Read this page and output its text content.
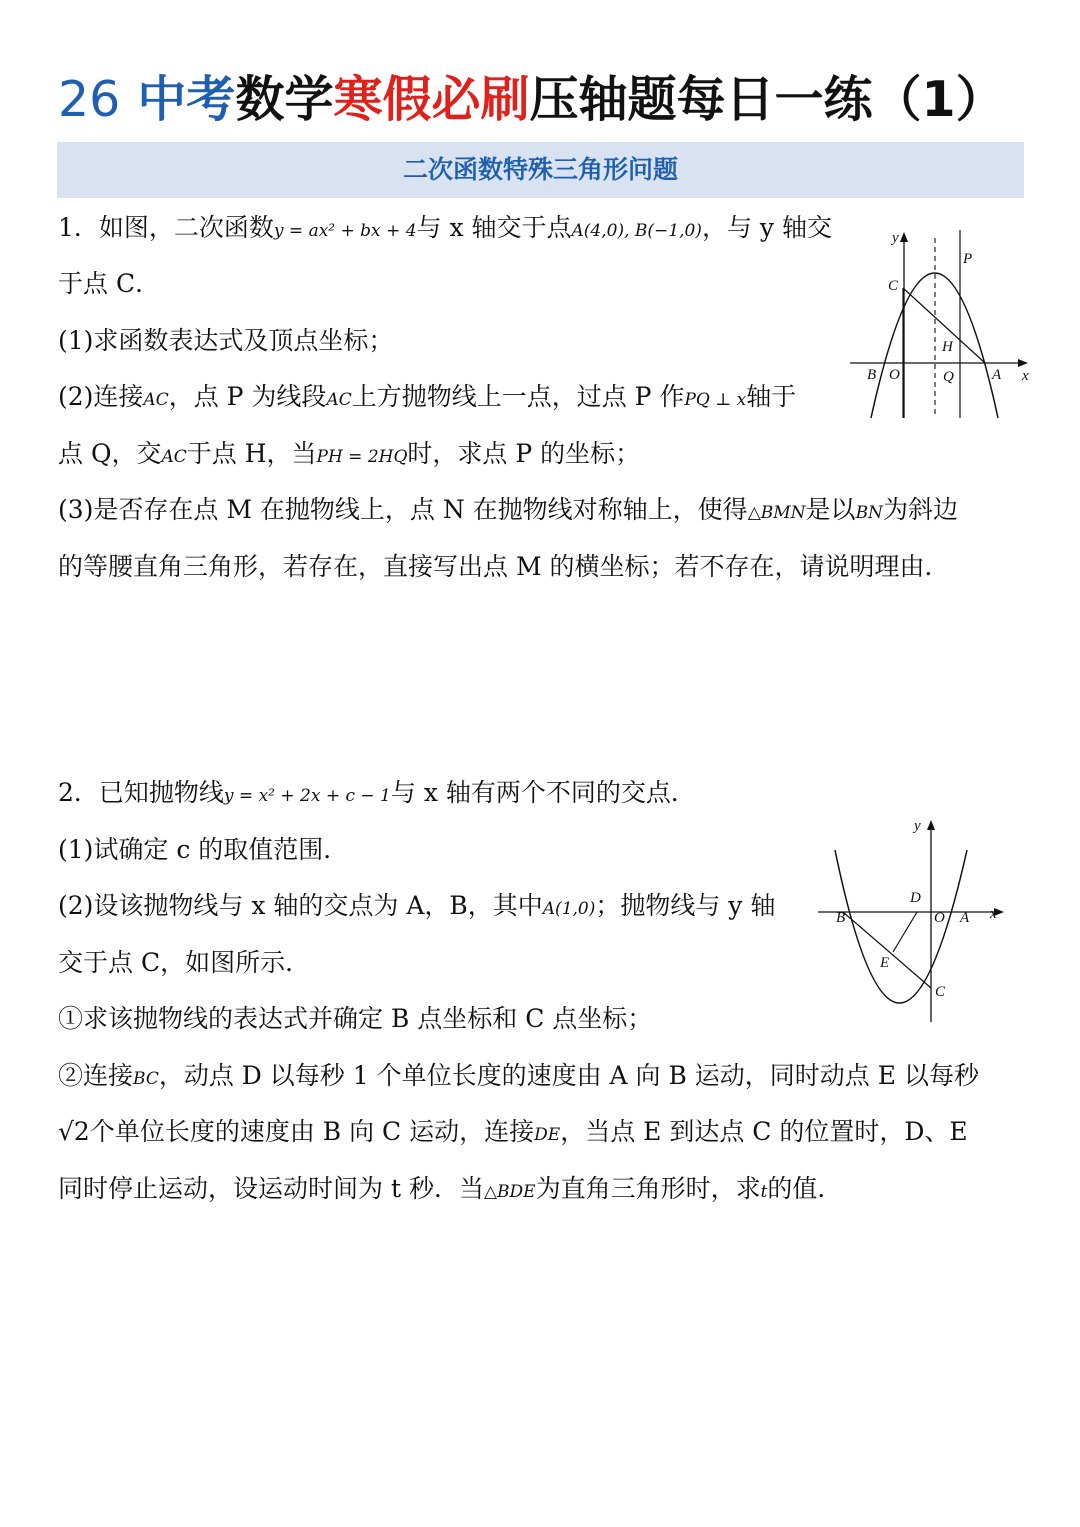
26 中考数学寒假必刷压轴题每日一练（1）
二次函数特殊三角形问题
1．如图，二次函数y = ax² + bx + 4与 x 轴交于点A(4,0), B(−1,0)，与 y 轴交
于点 C．
(1)求函数表达式及顶点坐标；
(2)连接AC，点 P 为线段AC上方抛物线上一点，过点 P 作PQ ⊥ x轴于
点 Q，交AC于点 H，当PH = 2HQ时，求点 P 的坐标；
(3)是否存在点 M 在抛物线上，点 N 在抛物线对称轴上，使得△BMN是以BN为斜边
的等腰直角三角形，若存在，直接写出点 M 的横坐标；若不存在，请说明理由．
y
x
C
P
H
B O	Q	A
2．已知抛物线y = x² + 2x + c − 1与 x 轴有两个不同的交点．
(1)试确定 c 的取值范围．
(2)设该抛物线与 x 轴的交点为 A，B，其中A(1,0)；抛物线与 y 轴
交于点 C，如图所示．
①求该抛物线的表达式并确定 B 点坐标和 C 点坐标；
②连接BC，动点 D 以每秒 1 个单位长度的速度由 A 向 B 运动，同时动点 E 以每秒
√2个单位长度的速度由 B 向 C 运动，连接DE，当点 E 到达点 C 的位置时，D、E
同时停止运动，设运动时间为 t 秒．当△BDE为直角三角形时，求t的值．
y
x
D
O A
B
E
C
